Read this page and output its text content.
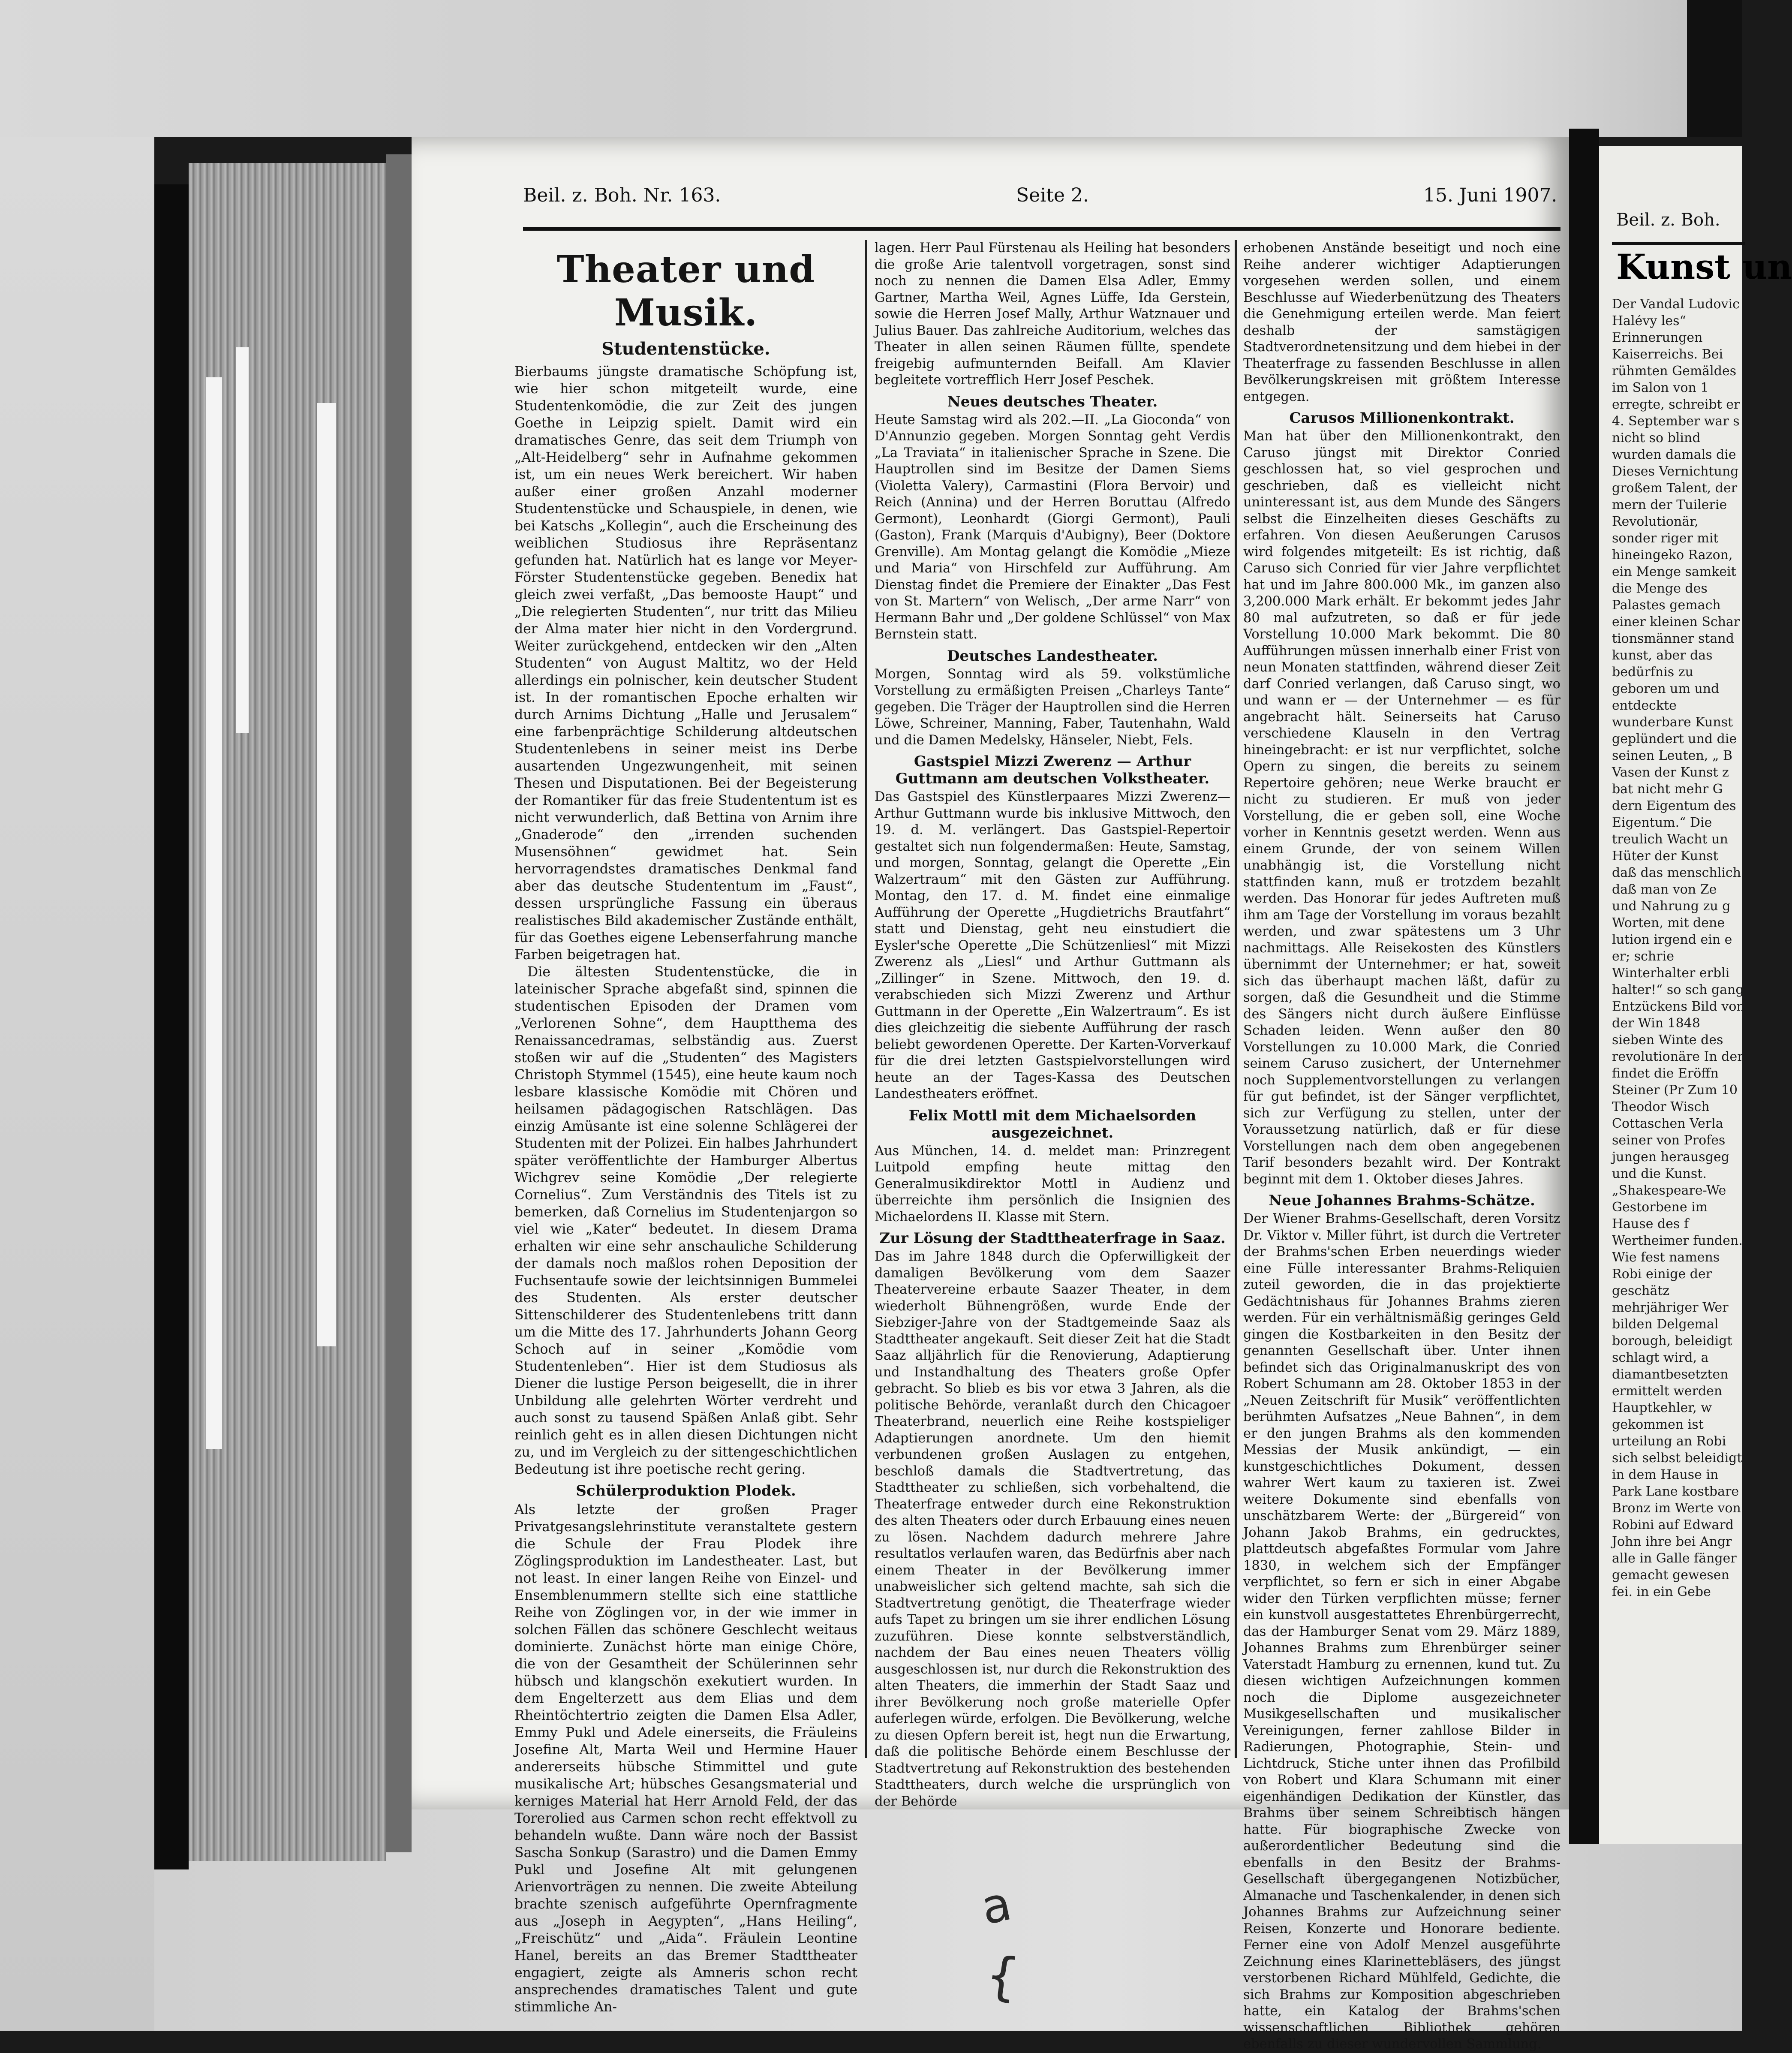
Beil. z. Boh. Nr. 163.	Seite 2.	15. Juni 1907.
Theater und Musik.
Studentenstücke.

Bierbaums jüngste dramatische Schöpfung ist, wie hier schon mitgeteilt wurde, eine Studentenkomödie, die zur Zeit des jungen Goethe in Leipzig spielt. Damit wird ein dramatisches Genre, das seit dem Triumph von „Alt-Heidelberg“ sehr in Aufnahme gekommen ist, um ein neues Werk bereichert. Wir haben außer einer großen Anzahl moderner Studentenstücke und Schauspiele, in denen, wie bei Katschs „Kollegin“, auch die Erscheinung des weiblichen Studiosus ihre Repräsentanz gefunden hat. Natürlich hat es lange vor Meyer-Förster Studentenstücke gegeben. Benedix hat gleich zwei verfaßt, „Das bemooste Haupt“ und „Die relegierten Studenten“, nur tritt das Milieu der Alma mater hier nicht in den Vordergrund. Weiter zurückgehend, entdecken wir den „Alten Studenten“ von August Maltitz, wo der Held allerdings ein polnischer, kein deutscher Student ist. In der romantischen Epoche erhalten wir durch Arnims Dichtung „Halle und Jerusalem“ eine farbenprächtige Schilderung altdeutschen Studentenlebens in seiner meist ins Derbe ausartenden Ungezwungenheit, mit seinen Thesen und Disputationen. Bei der Begeisterung der Romantiker für das freie Studententum ist es nicht verwunderlich, daß Bettina von Arnim ihre „Gnaderode“ den „irrenden suchenden Musensöhnen“ gewidmet hat. Sein hervorragendstes dramatisches Denkmal fand aber das deutsche Studententum im „Faust“, dessen ursprüngliche Fassung ein überaus realistisches Bild akademischer Zustände enthält, für das Goethes eigene Lebenserfahrung manche Farben beigetragen hat.

Die ältesten Studentenstücke, die in lateinischer Sprache abgefaßt sind, spinnen die studentischen Episoden der Dramen vom „Verlorenen Sohne“, dem Hauptthema des Renaissancedramas, selbständig aus. Zuerst stoßen wir auf die „Studenten“ des Magisters Christoph Stymmel (1545), eine heute kaum noch lesbare klassische Komödie mit Chören und heilsamen pädagogischen Ratschlägen. Das einzig Amüsante ist eine solenne Schlägerei der Studenten mit der Polizei. Ein halbes Jahrhundert später veröffentlichte der Hamburger Albertus Wichgrev seine Komödie „Der relegierte Cornelius“. Zum Verständnis des Titels ist zu bemerken, daß Cornelius im Studentenjargon so viel wie „Kater“ bedeutet. In diesem Drama erhalten wir eine sehr anschauliche Schilderung der damals noch maßlos rohen Deposition der Fuchsentaufe sowie der leichtsinnigen Bummelei des Studenten. Als erster deutscher Sittenschilderer des Studentenlebens tritt dann um die Mitte des 17. Jahrhunderts Johann Georg Schoch auf in seiner „Komödie vom Studentenleben“. Hier ist dem Studiosus als Diener die lustige Person beigesellt, die in ihrer Unbildung alle gelehrten Wörter verdreht und auch sonst zu tausend Späßen Anlaß gibt. Sehr reinlich geht es in allen diesen Dichtungen nicht zu, und im Vergleich zu der sittengeschichtlichen Bedeutung ist ihre poetische recht gering.

Schülerproduktion Plodek.

Als letzte der großen Prager Privatgesangslehrinstitute veranstaltete gestern die Schule der Frau Plodek ihre Zöglingsproduktion im Landestheater. Last, but not least. In einer langen Reihe von Einzel- und Ensemblenummern stellte sich eine stattliche Reihe von Zöglingen vor, in der wie immer in solchen Fällen das schönere Geschlecht weitaus dominierte. Zunächst hörte man einige Chöre, die von der Gesamtheit der Schülerinnen sehr hübsch und klangschön exekutiert wurden. In dem Engelterzett aus dem Elias und dem Rheintöchtertrio zeigten die Damen Elsa Adler, Emmy Pukl und Adele einerseits, die Fräuleins Josefine Alt, Marta Weil und Hermine Hauer andererseits hübsche Stimmittel und gute musikalische Art; hübsches Gesangsmaterial und kerniges Material hat Herr Arnold Feld, der das Torerolied aus Carmen schon recht effektvoll zu behandeln wußte. Dann wäre noch der Bassist Sascha Sonkup (Sarastro) und die Damen Emmy Pukl und Josefine Alt mit gelungenen Arienvorträgen zu nennen. Die zweite Abteilung brachte szenisch aufgeführte Opernfragmente aus „Joseph in Aegypten“, „Hans Heiling“, „Freischütz“ und „Aida“. Fräulein Leontine Hanel, bereits an das Bremer Stadttheater engagiert, zeigte als Amneris schon recht ansprechendes dramatisches Talent und gute stimmliche An-

lagen. Herr Paul Fürstenau als Heiling hat besonders die große Arie talentvoll vorgetragen, sonst sind noch zu nennen die Damen Elsa Adler, Emmy Gartner, Martha Weil, Agnes Lüffe, Ida Gerstein, sowie die Herren Josef Mally, Arthur Watznauer und Julius Bauer. Das zahlreiche Auditorium, welches das Theater in allen seinen Räumen füllte, spendete freigebig aufmunternden Beifall. Am Klavier begleitete vortrefflich Herr Josef Peschek.

Neues deutsches Theater.

Heute Samstag wird als 202.—II. „La Gioconda“ von D'Annunzio gegeben. Morgen Sonntag geht Verdis „La Traviata“ in italienischer Sprache in Szene. Die Hauptrollen sind im Besitze der Damen Siems (Violetta Valery), Carmastini (Flora Bervoir) und Reich (Annina) und der Herren Boruttau (Alfredo Germont), Leonhardt (Giorgi Germont), Pauli (Gaston), Frank (Marquis d'Aubigny), Beer (Doktore Grenville). Am Montag gelangt die Komödie „Miezе und Maria“ von Hirschfeld zur Aufführung. Am Dienstag findet die Premiere der Einakter „Das Fest von St. Martern“ von Welisch, „Der arme Narr“ von Hermann Bahr und „Der goldene Schlüssel“ von Max Bernstein statt.

Deutsches Landestheater.

Morgen, Sonntag wird als 59. volkstümliche Vorstellung zu ermäßigten Preisen „Charleys Tante“ gegeben. Die Träger der Hauptrollen sind die Herren Löwe, Schreiner, Manning, Faber, Tautenhahn, Wald und die Damen Medelsky, Hänseler, Niebt, Fels.

Gastspiel Mizzi Zwerenz — Arthur Guttmann am deutschen Volkstheater.

Das Gastspiel des Künstlerpaares Mizzi Zwerenz—Arthur Guttmann wurde bis inklusive Mittwoch, den 19. d. M. verlängert. Das Gastspiel-Repertoir gestaltet sich nun folgendermaßen: Heute, Samstag, und morgen, Sonntag, gelangt die Operette „Ein Walzertraum“ mit den Gästen zur Aufführung. Montag, den 17. d. M. findet eine einmalige Aufführung der Operette „Hugdietrichs Brautfahrt“ statt und Dienstag, geht neu einstudiert die Eysler'sche Operette „Die Schützenliesl“ mit Mizzi Zwerenz als „Liesl“ und Arthur Guttmann als „Zillinger“ in Szene. Mittwoch, den 19. d. verabschieden sich Mizzi Zwerenz und Arthur Guttmann in der Operette „Ein Walzertraum“. Es ist dies gleichzeitig die siebente Aufführung der rasch beliebt gewordenen Operette. Der Karten-Vorverkauf für die drei letzten Gastspielvorstellungen wird heute an der Tages-Kassa des Deutschen Landestheaters eröffnet.

Felix Mottl mit dem Michaelsorden ausgezeichnet.

Aus München, 14. d. meldet man: Prinzregent Luitpold empfing heute mittag den Generalmusikdirektor Mottl in Audienz und überreichte ihm persönlich die Insignien des Michaelordens II. Klasse mit Stern.

Zur Lösung der Stadttheaterfrage in Saaz.

Das im Jahre 1848 durch die Opferwilligkeit der damaligen Bevölkerung vom dem Saazer Theatervereine erbaute Saazer Theater, in dem wiederholt Bühnengrößen, wurde Ende der Siebziger-Jahre von der Stadtgemeinde Saaz als Stadttheater angekauft. Seit dieser Zeit hat die Stadt Saaz alljährlich für die Renovierung, Adaptierung und Instandhaltung des Theaters große Opfer gebracht. So blieb es bis vor etwa 3 Jahren, als die politische Behörde, veranlaßt durch den Chicagoer Theaterbrand, neuerlich eine Reihe kostspieliger Adaptierungen anordnete. Um den hiemit verbundenen großen Auslagen zu entgehen, beschloß damals die Stadtvertretung, das Stadttheater zu schließen, sich vorbehaltend, die Theaterfrage entweder durch eine Rekonstruktion des alten Theaters oder durch Erbauung eines neuen zu lösen. Nachdem dadurch mehrere Jahre resultatlos verlaufen waren, das Bedürfnis aber nach einem Theater in der Bevölkerung immer unabweislicher sich geltend machte, sah sich die Stadtvertretung genötigt, die Theaterfrage wieder aufs Tapet zu bringen um sie ihrer endlichen Lösung zuzuführen. Diese konnte selbstverständlich, nachdem der Bau eines neuen Theaters völlig ausgeschlossen ist, nur durch die Rekonstruktion des alten Theaters, die immerhin der Stadt Saaz und ihrer Bevölkerung noch große materielle Opfer auferlegen würde, erfolgen. Die Bevölkerung, welche zu diesen Opfern bereit ist, hegt nun die Erwartung, daß die politische Behörde einem Beschlusse der Stadtvertretung auf Rekonstruktion des bestehenden Stadttheaters, durch welche die ursprünglich von der Behörde

erhobenen Anstände beseitigt und noch eine Reihe anderer wichtiger Adaptierungen vorgesehen werden sollen, und einem Beschlusse auf Wiederbenützung des Theaters die Genehmigung erteilen werde. Man feiert deshalb der samstägigen Stadtverordnetensitzung und dem hiebei in der Theaterfrage zu fassenden Beschlusse in allen Bevölkerungskreisen mit größtem Interesse entgegen.

Carusos Millionenkontrakt.

Man hat über den Millionenkontrakt, den Caruso jüngst mit Direktor Conried geschlossen hat, so viel gesprochen und geschrieben, daß es vielleicht nicht uninteressant ist, aus dem Munde des Sängers selbst die Einzelheiten dieses Geschäfts zu erfahren. Von diesen Aeußerungen Carusos wird folgendes mitgeteilt: Es ist richtig, daß Caruso sich Conried für vier Jahre verpflichtet hat und im Jahre 800.000 Mk., im ganzen also 3,200.000 Mark erhält. Er bekommt jedes Jahr 80 mal aufzutreten, so daß er für jede Vorstellung 10.000 Mark bekommt. Die 80 Aufführungen müssen innerhalb einer Frist von neun Monaten stattfinden, während dieser Zeit darf Conried verlangen, daß Caruso singt, wo und wann er — der Unternehmer — es für angebracht hält. Seinerseits hat Caruso verschiedene Klauseln in den Vertrag hineingebracht: er ist nur verpflichtet, solche Opern zu singen, die bereits zu seinem Repertoire gehören; neue Werke braucht er nicht zu studieren. Er muß von jeder Vorstellung, die er geben soll, eine Woche vorher in Kenntnis gesetzt werden. Wenn aus einem Grunde, der von seinem Willen unabhängig ist, die Vorstellung nicht stattfinden kann, muß er trotzdem bezahlt werden. Das Honorar für jedes Auftreten muß ihm am Tage der Vorstellung im voraus bezahlt werden, und zwar spätestens um 3 Uhr nachmittags. Alle Reisekosten des Künstlers übernimmt der Unternehmer; er hat, soweit sich das überhaupt machen läßt, dafür zu sorgen, daß die Gesundheit und die Stimme des Sängers nicht durch äußere Einflüsse Schaden leiden. Wenn außer den 80 Vorstellungen zu 10.000 Mark, die Conried seinem Caruso zusichert, der Unternehmer noch Supplementvorstellungen zu verlangen für gut befindet, ist der Sänger verpflichtet, sich zur Verfügung zu stellen, unter der Voraussetzung natürlich, daß er für diese Vorstellungen nach dem oben angegebenen Tarif besonders bezahlt wird. Der Kontrakt beginnt mit dem 1. Oktober dieses Jahres.

Neue Johannes Brahms-Schätze.

Der Wiener Brahms-Gesellschaft, deren Vorsitz Dr. Viktor v. Miller führt, ist durch die Vertreter der Brahms'schen Erben neuerdings wieder eine Fülle interessanter Brahms-Reliquien zuteil geworden, die in das projektierte Gedächtnishaus für Johannes Brahms zieren werden. Für ein verhältnismäßig geringes Geld gingen die Kostbarkeiten in den Besitz der genannten Gesellschaft über. Unter ihnen befindet sich das Originalmanuskript des von Robert Schumann am 28. Oktober 1853 in der „Neuen Zeitschrift für Musik“ veröffentlichten berühmten Aufsatzes „Neue Bahnen“, in dem er den jungen Brahms als den kommenden Messias der Musik ankündigt, — ein kunstgeschichtliches Dokument, dessen wahrer Wert kaum zu taxieren ist. Zwei weitere Dokumente sind ebenfalls von unschätzbarem Werte: der „Bürgereid“ von Johann Jakob Brahms, ein gedrucktes, plattdeutsch abgefaßtes Formular vom Jahre 1830, in welchem sich der Empfänger verpflichtet, so fern er sich in einer Abgabe wider den Türken verpflichten müsse; ferner ein kunstvoll ausgestattetes Ehrenbürgerrecht, das der Hamburger Senat vom 29. März 1889, Johannes Brahms zum Ehrenbürger seiner Vaterstadt Hamburg zu ernennen, kund tut. Zu diesen wichtigen Aufzeichnungen kommen noch die Diplome ausgezeichneter Musikgesellschaften und musikalischer Vereinigungen, ferner zahllose Bilder in Radierungen, Photographie, Stein- und Lichtdruck, Stiche unter ihnen das Profilbild von Robert und Klara Schumann mit einer eigenhändigen Dedikation der Künstler, das Brahms über seinem Schreibtisch hängen hatte. Für biographische Zwecke von außerordentlicher Bedeutung sind die ebenfalls in den Besitz der Brahms-Gesellschaft übergegangenen Notizbücher, Almanache und Taschenkalender, in denen sich Johannes Brahms zur Aufzeichnung seiner Reisen, Konzerte und Honorare bediente. Ferner eine von Adolf Menzel ausgeführte Zeichnung eines Klarinettebläsers, des jüngst verstorbenen Richard Mühlfeld, Gedichte, die sich Brahms zur Komposition abgeschrieben hatte, ein Katalog der Brahms'schen wissenschaftlichen Bibliothek gehören ebenfalls zu dieser wundervollen Sammlung.

Beil. z. Boh.
Kunst un
Der Vandal Ludovic Halévy les“ Erinnerungen Kaiserreichs. Bei rühmten Gemäldes im Salon von 1 erregte, schreibt er 4. September war s nicht so blind wurden damals die Dieses Vernichtung großem Talent, der mern der Tuilerie Revolutionär, sonder riger mit hineingeko Razon, ein Menge samkeit die Menge des Palastes gemach einer kleinen Schar tionsmänner stand kunst, aber das bedürfnis zu geboren um und entdeckte wunderbare Kunst geplündert und die seinen Leuten, „ B Vasen der Kunst z bat nicht mehr G dern Eigentum des Eigentum.“ Die treulich Wacht un Hüter der Kunst daß das menschlich daß man von Ze und Nahrung zu g Worten, mit dene lution irgend ein e er; schrie Winterhalter erbli halter!“ so sch gang Entzückens Bild von der Win 1848 sieben Winte des revolutionäre In der findet die Eröffn Steiner (Pr Zum 10 Theodor Wisch Cottaschen Verla seiner von Profes jungen herausgeg und die Kunst. „Shakespeare-We Gestorbene im Hause des f Wertheimer funden. Wie fest namens Robi einige der geschätz mehrjähriger Wer bilden Delgemal borough, beleidigt schlagt wird, a diamantbesetzten ermittelt werden Hauptkehler, w gekommen ist urteilung an Robi sich selbst beleidigt in dem Hause in Park Lane kostbare Bronz im Werte von Robini auf Edward John ihre bei Angr alle in Galle fänger gemacht gewesen fei. in ein Gebe
a
{
